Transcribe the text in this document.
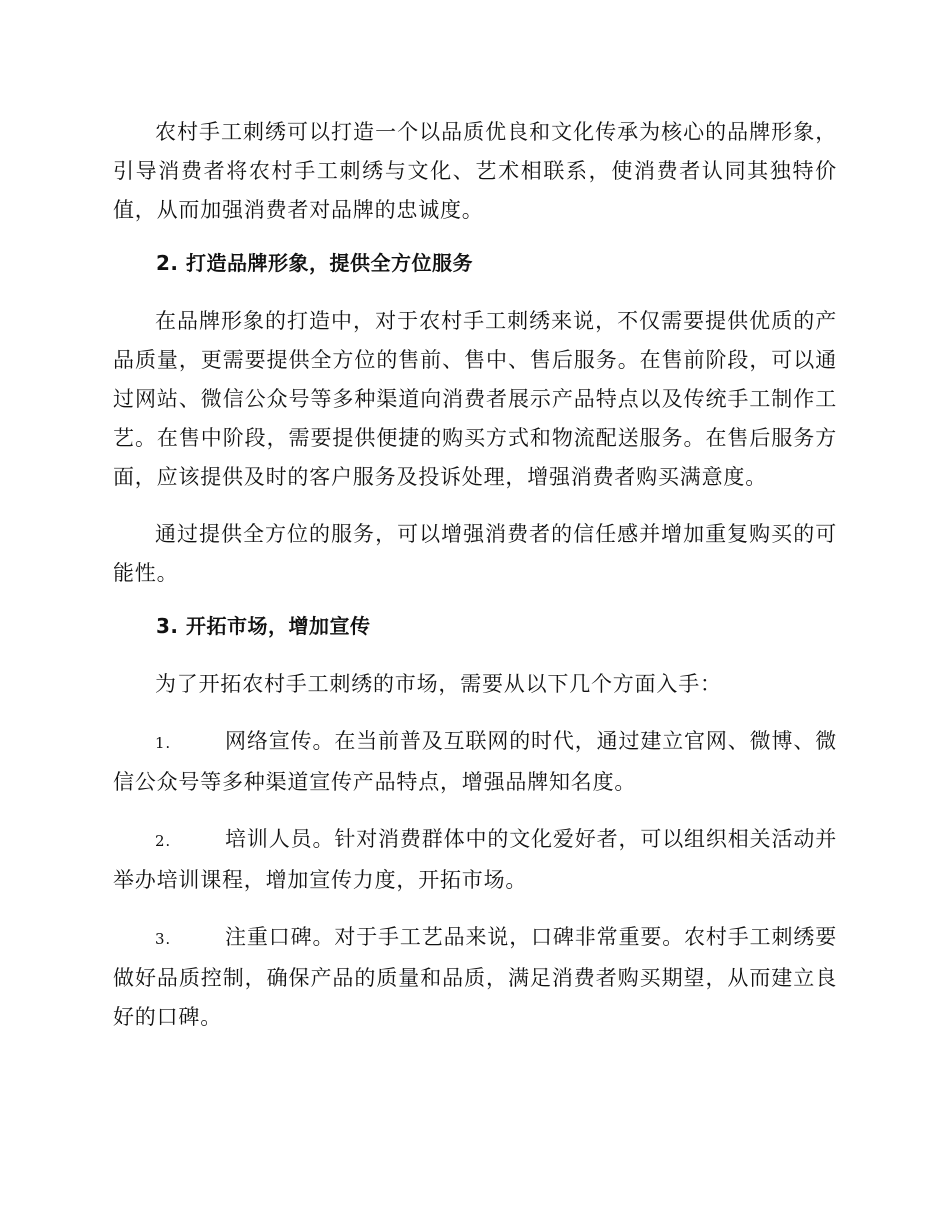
农村手工刺绣可以打造一个以品质优良和文化传承为核心的品牌形象，引导消费者将农村手工刺绣与文化、艺术相联系，使消费者认同其独特价值，从而加强消费者对品牌的忠诚度。

2. 打造品牌形象，提供全方位服务

在品牌形象的打造中，对于农村手工刺绣来说，不仅需要提供优质的产品质量，更需要提供全方位的售前、售中、售后服务。在售前阶段，可以通过网站、微信公众号等多种渠道向消费者展示产品特点以及传统手工制作工艺。在售中阶段，需要提供便捷的购买方式和物流配送服务。在售后服务方面，应该提供及时的客户服务及投诉处理，增强消费者购买满意度。

通过提供全方位的服务，可以增强消费者的信任感并增加重复购买的可能性。

3. 开拓市场，增加宣传

为了开拓农村手工刺绣的市场，需要从以下几个方面入手：

1.	网络宣传。在当前普及互联网的时代，通过建立官网、微博、微信公众号等多种渠道宣传产品特点，增强品牌知名度。

2.	培训人员。针对消费群体中的文化爱好者，可以组织相关活动并举办培训课程，增加宣传力度，开拓市场。

3.	注重口碑。对于手工艺品来说，口碑非常重要。农村手工刺绣要做好品质控制，确保产品的质量和品质，满足消费者购买期望，从而建立良好的口碑。
